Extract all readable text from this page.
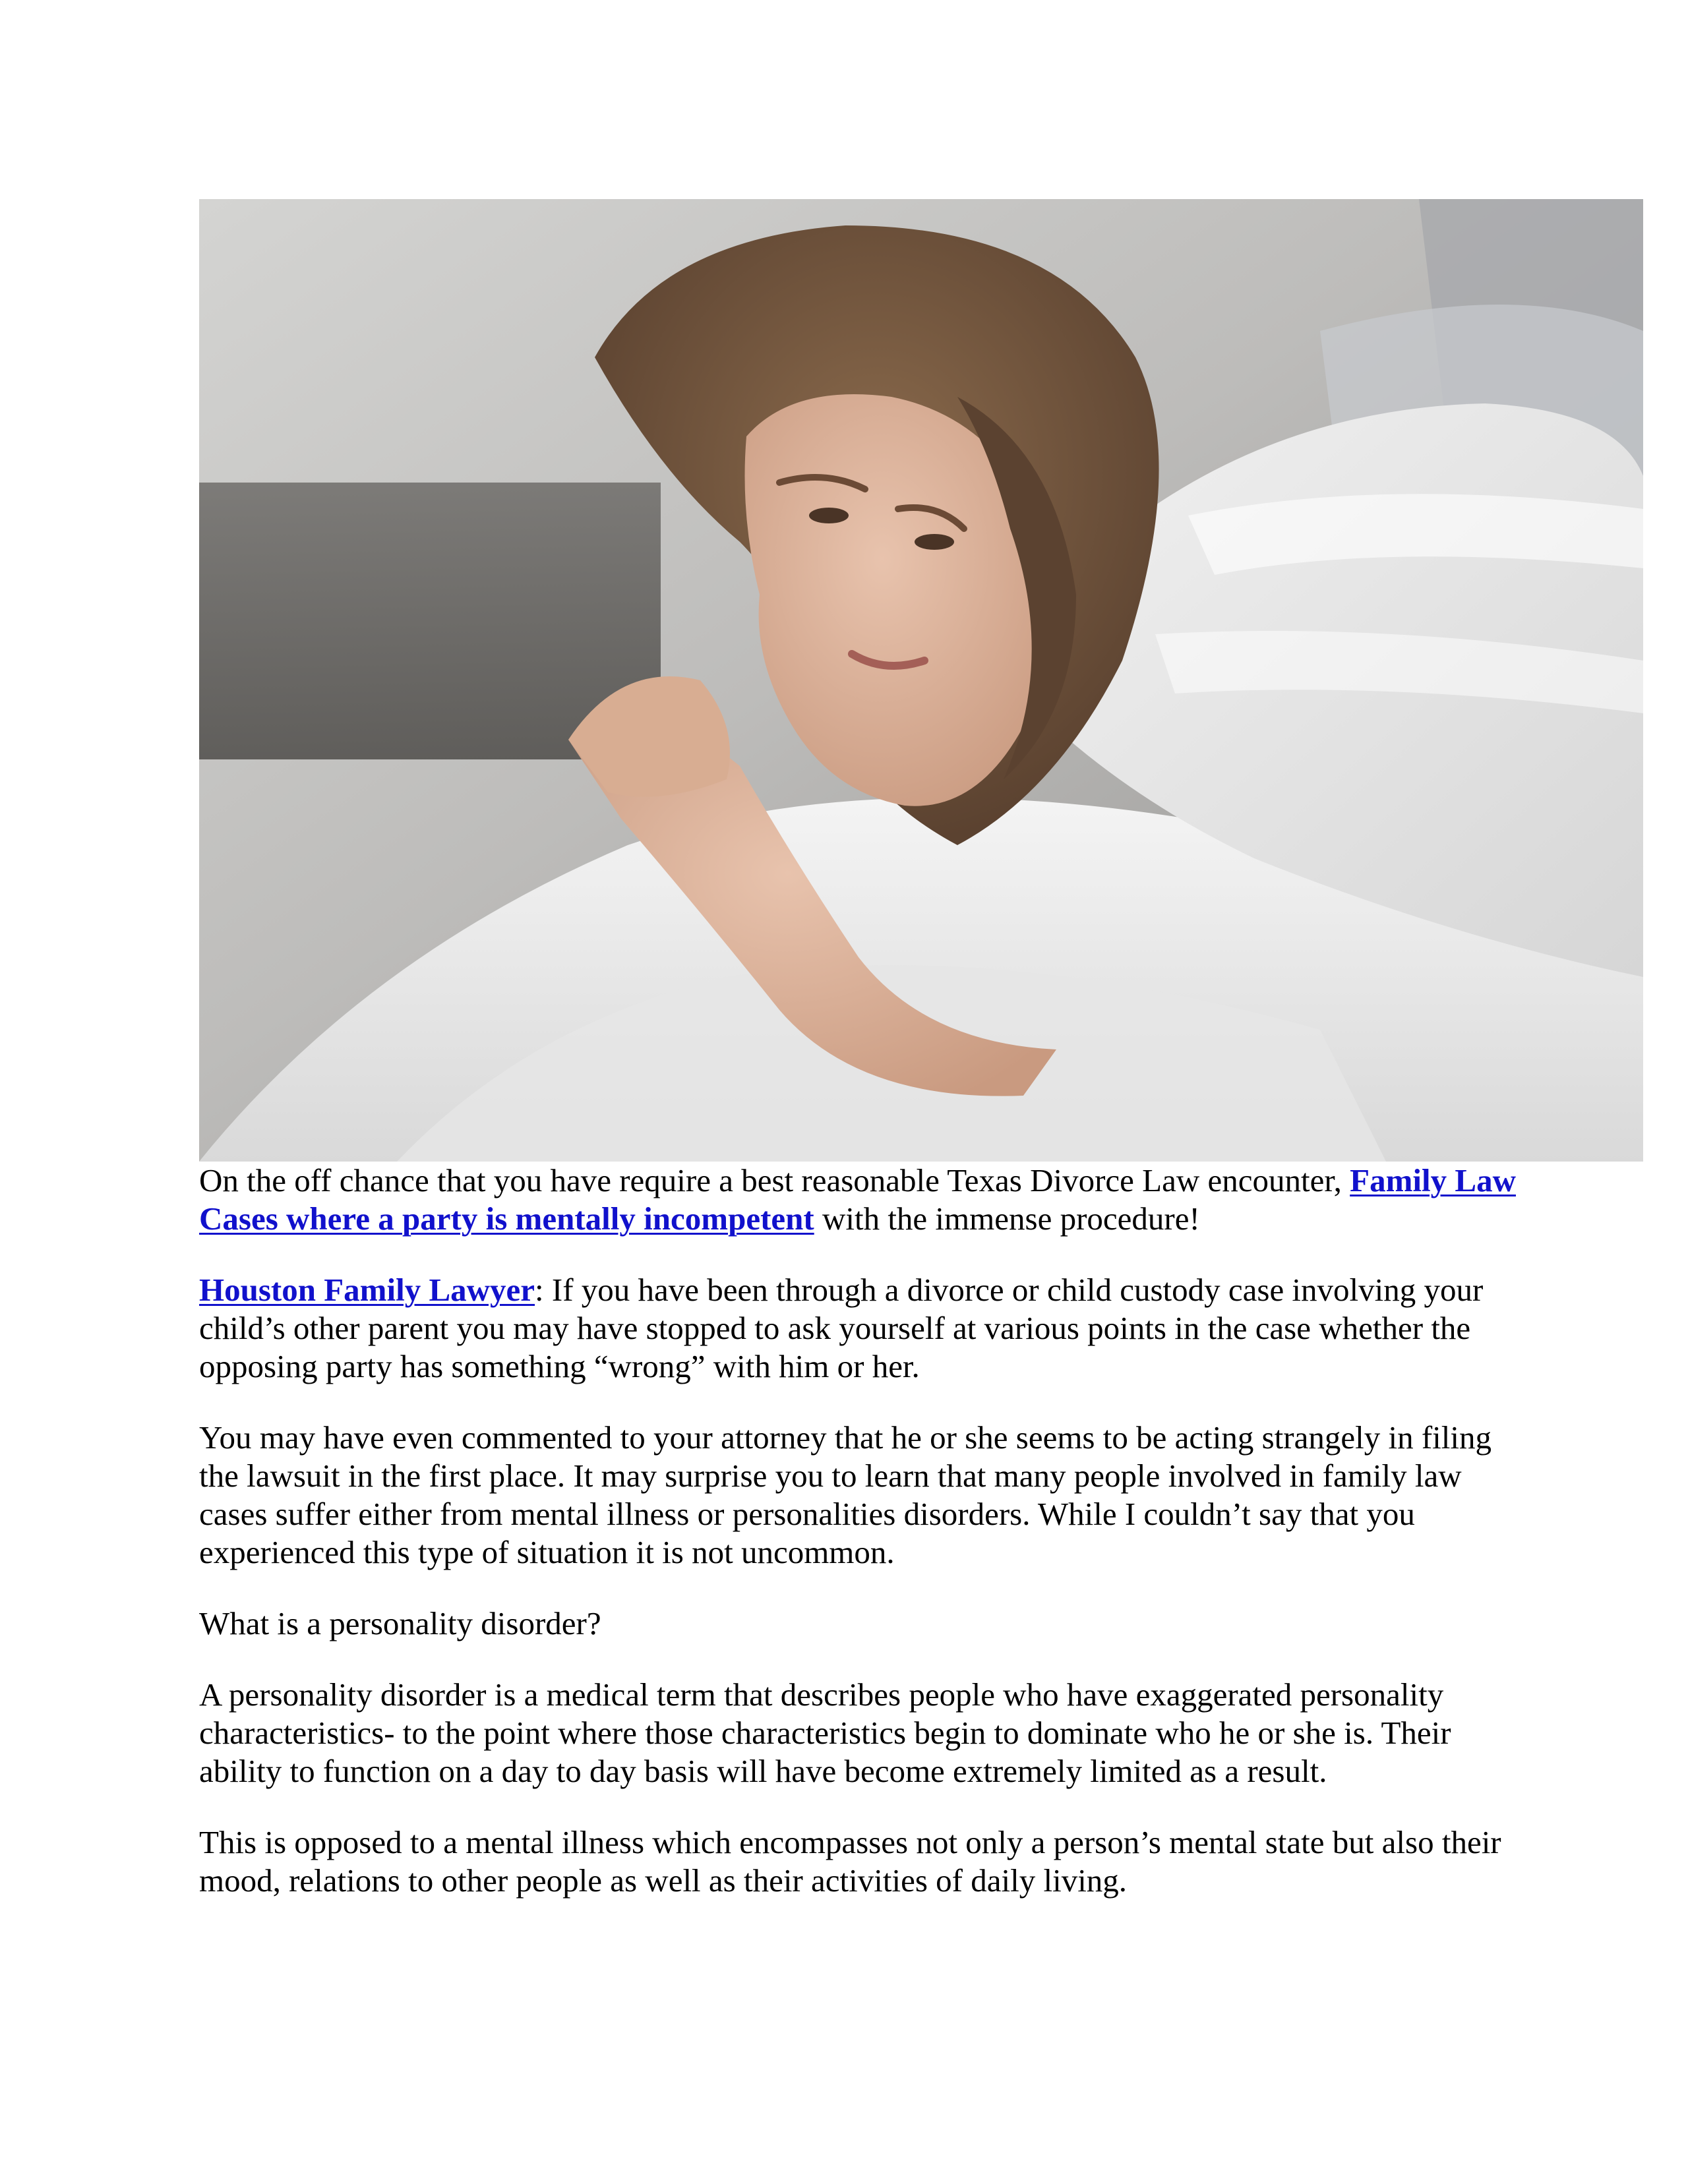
On the off chance that you have require a best reasonable Texas Divorce Law encounter, Family Law Cases where a party is mentally incompetent with the immense procedure!

Houston Family Lawyer: If you have been through a divorce or child custody case involving your child’s other parent you may have stopped to ask yourself at various points in the case whether the opposing party has something “wrong” with him or her.

You may have even commented to your attorney that he or she seems to be acting strangely in filing the lawsuit in the first place. It may surprise you to learn that many people involved in family law cases suffer either from mental illness or personalities disorders. While I couldn’t say that you experienced this type of situation it is not uncommon.

What is a personality disorder?

A personality disorder is a medical term that describes people who have exaggerated personality characteristics- to the point where those characteristics begin to dominate who he or she is. Their ability to function on a day to day basis will have become extremely limited as a result.

This is opposed to a mental illness which encompasses not only a person’s mental state but also their mood, relations to other people as well as their activities of daily living.
